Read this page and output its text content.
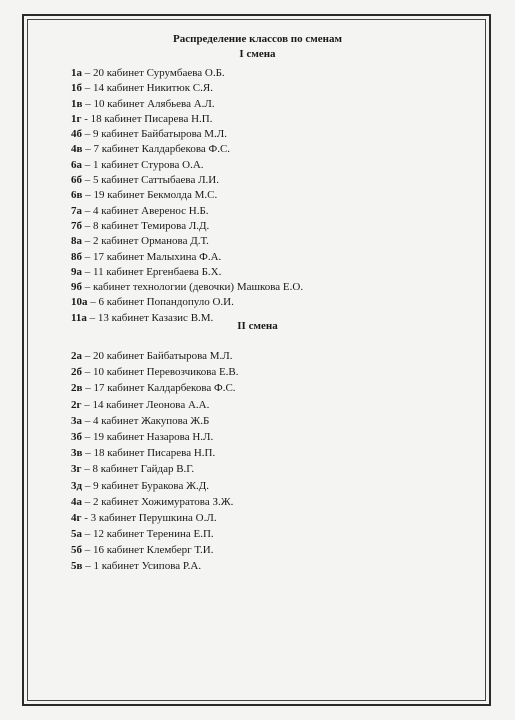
Распределение классов по сменам
I смена
1а – 20 кабинет Сурумбаева О.Б.
1б – 14 кабинет Никитюк С.Я.
1в – 10 кабинет Алябьева А.Л.
1г - 18 кабинет Писарева Н.П.
4б – 9 кабинет Байбатырова М.Л.
4в – 7 кабинет Калдарбекова Ф.С.
6а – 1 кабинет Стурова О.А.
6б – 5 кабинет Саттыбаева Л.И.
6в – 19 кабинет Бекмолда М.С.
7а – 4 кабинет Аверенос Н.Б.
7б – 8 кабинет Темирова Л.Д.
8а – 2 кабинет Орманова Д.Т.
8б – 17 кабинет Малыхина Ф.А.
9а – 11 кабинет Ергенбаева Б.Х.
9б – кабинет технологии (девочки) Машкова Е.О.
10а – 6 кабинет Попандопуло О.И.
11а – 13 кабинет Казазис В.М.
II смена
2а – 20 кабинет Байбатырова М.Л.
2б – 10 кабинет Перевозчикова Е.В.
2в – 17 кабинет Калдарбекова Ф.С.
2г – 14 кабинет Леонова А.А.
3а – 4 кабинет Жакупова Ж.Б
3б – 19 кабинет Назарова Н.Л.
3в – 18 кабинет Писарева Н.П.
3г – 8 кабинет Гайдар В.Г.
3д – 9 кабинет Буракова Ж.Д.
4а – 2 кабинет Хожимуратова З.Ж.
4г - 3 кабинет Перушкина О.Л.
5а – 12 кабинет Теренина Е.П.
5б – 16 кабинет Клемберг Т.И.
5в – 1 кабинет Усипова Р.А.
